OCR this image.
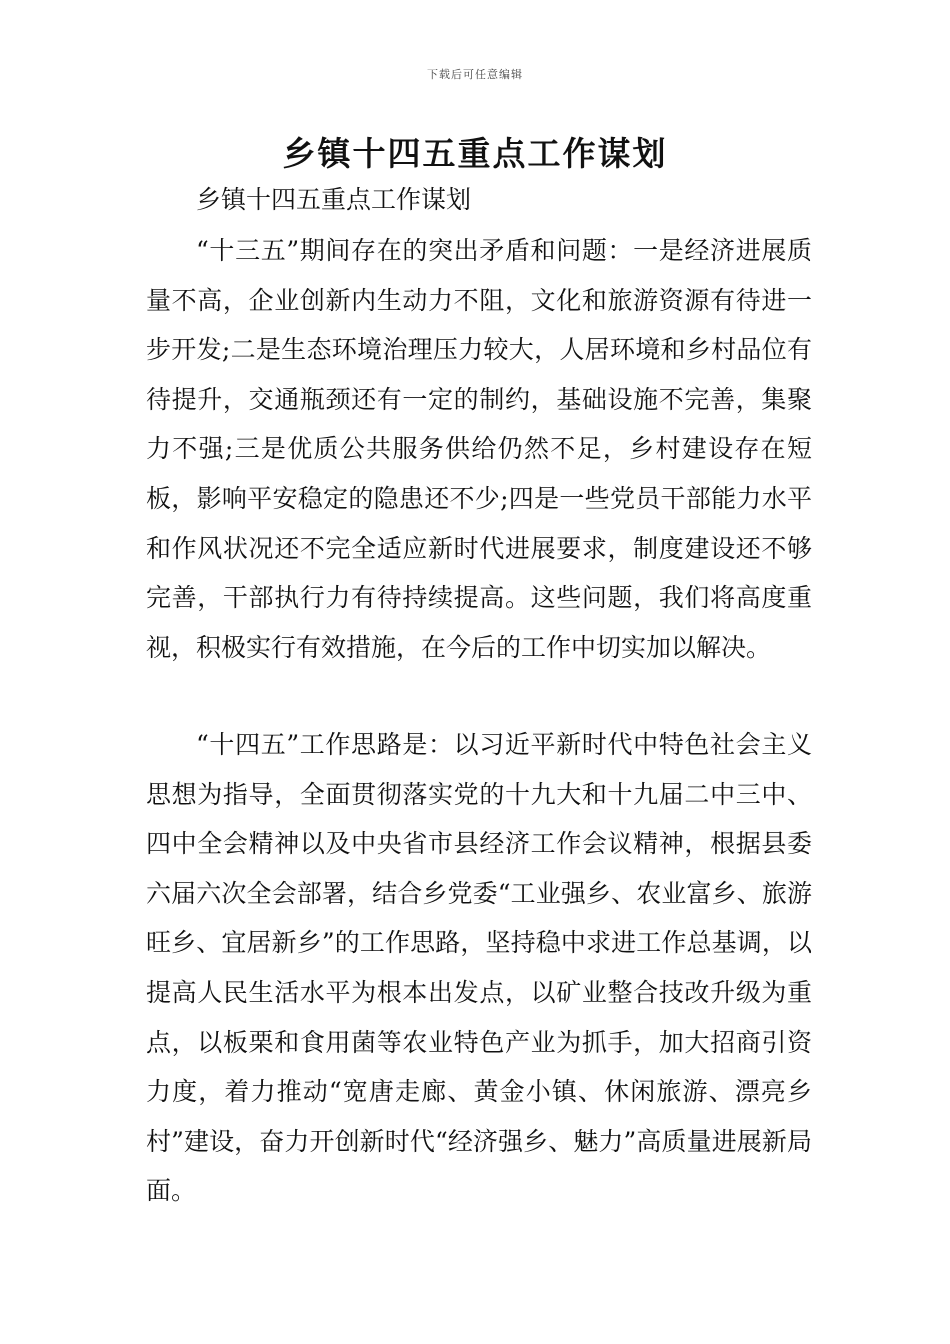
下载后可任意编辑
乡镇十四五重点工作谋划

乡镇十四五重点工作谋划

“十三五”期间存在的突出矛盾和问题：一是经济进展质量不高，企业创新内生动力不阻，文化和旅游资源有待进一步开发;二是生态环境治理压力较大，人居环境和乡村品位有待提升，交通瓶颈还有一定的制约，基础设施不完善，集聚力不强;三是优质公共服务供给仍然不足，乡村建设存在短板，影响平安稳定的隐患还不少;四是一些党员干部能力水平和作风状况还不完全适应新时代进展要求，制度建设还不够完善，干部执行力有待持续提高。这些问题，我们将高度重视，积极实行有效措施，在今后的工作中切实加以解决。

“十四五”工作思路是：以习近平新时代中特色社会主义思想为指导，全面贯彻落实党的十九大和十九届二中三中、四中全会精神以及中央省市县经济工作会议精神，根据县委六届六次全会部署，结合乡党委“工业强乡、农业富乡、旅游旺乡、宜居新乡”的工作思路，坚持稳中求进工作总基调，以提高人民生活水平为根本出发点，以矿业整合技改升级为重点，以板栗和食用菌等农业特色产业为抓手，加大招商引资力度，着力推动“宽唐走廊、黄金小镇、休闲旅游、漂亮乡村”建设，奋力开创新时代“经济强乡、魅力”高质量进展新局面。
